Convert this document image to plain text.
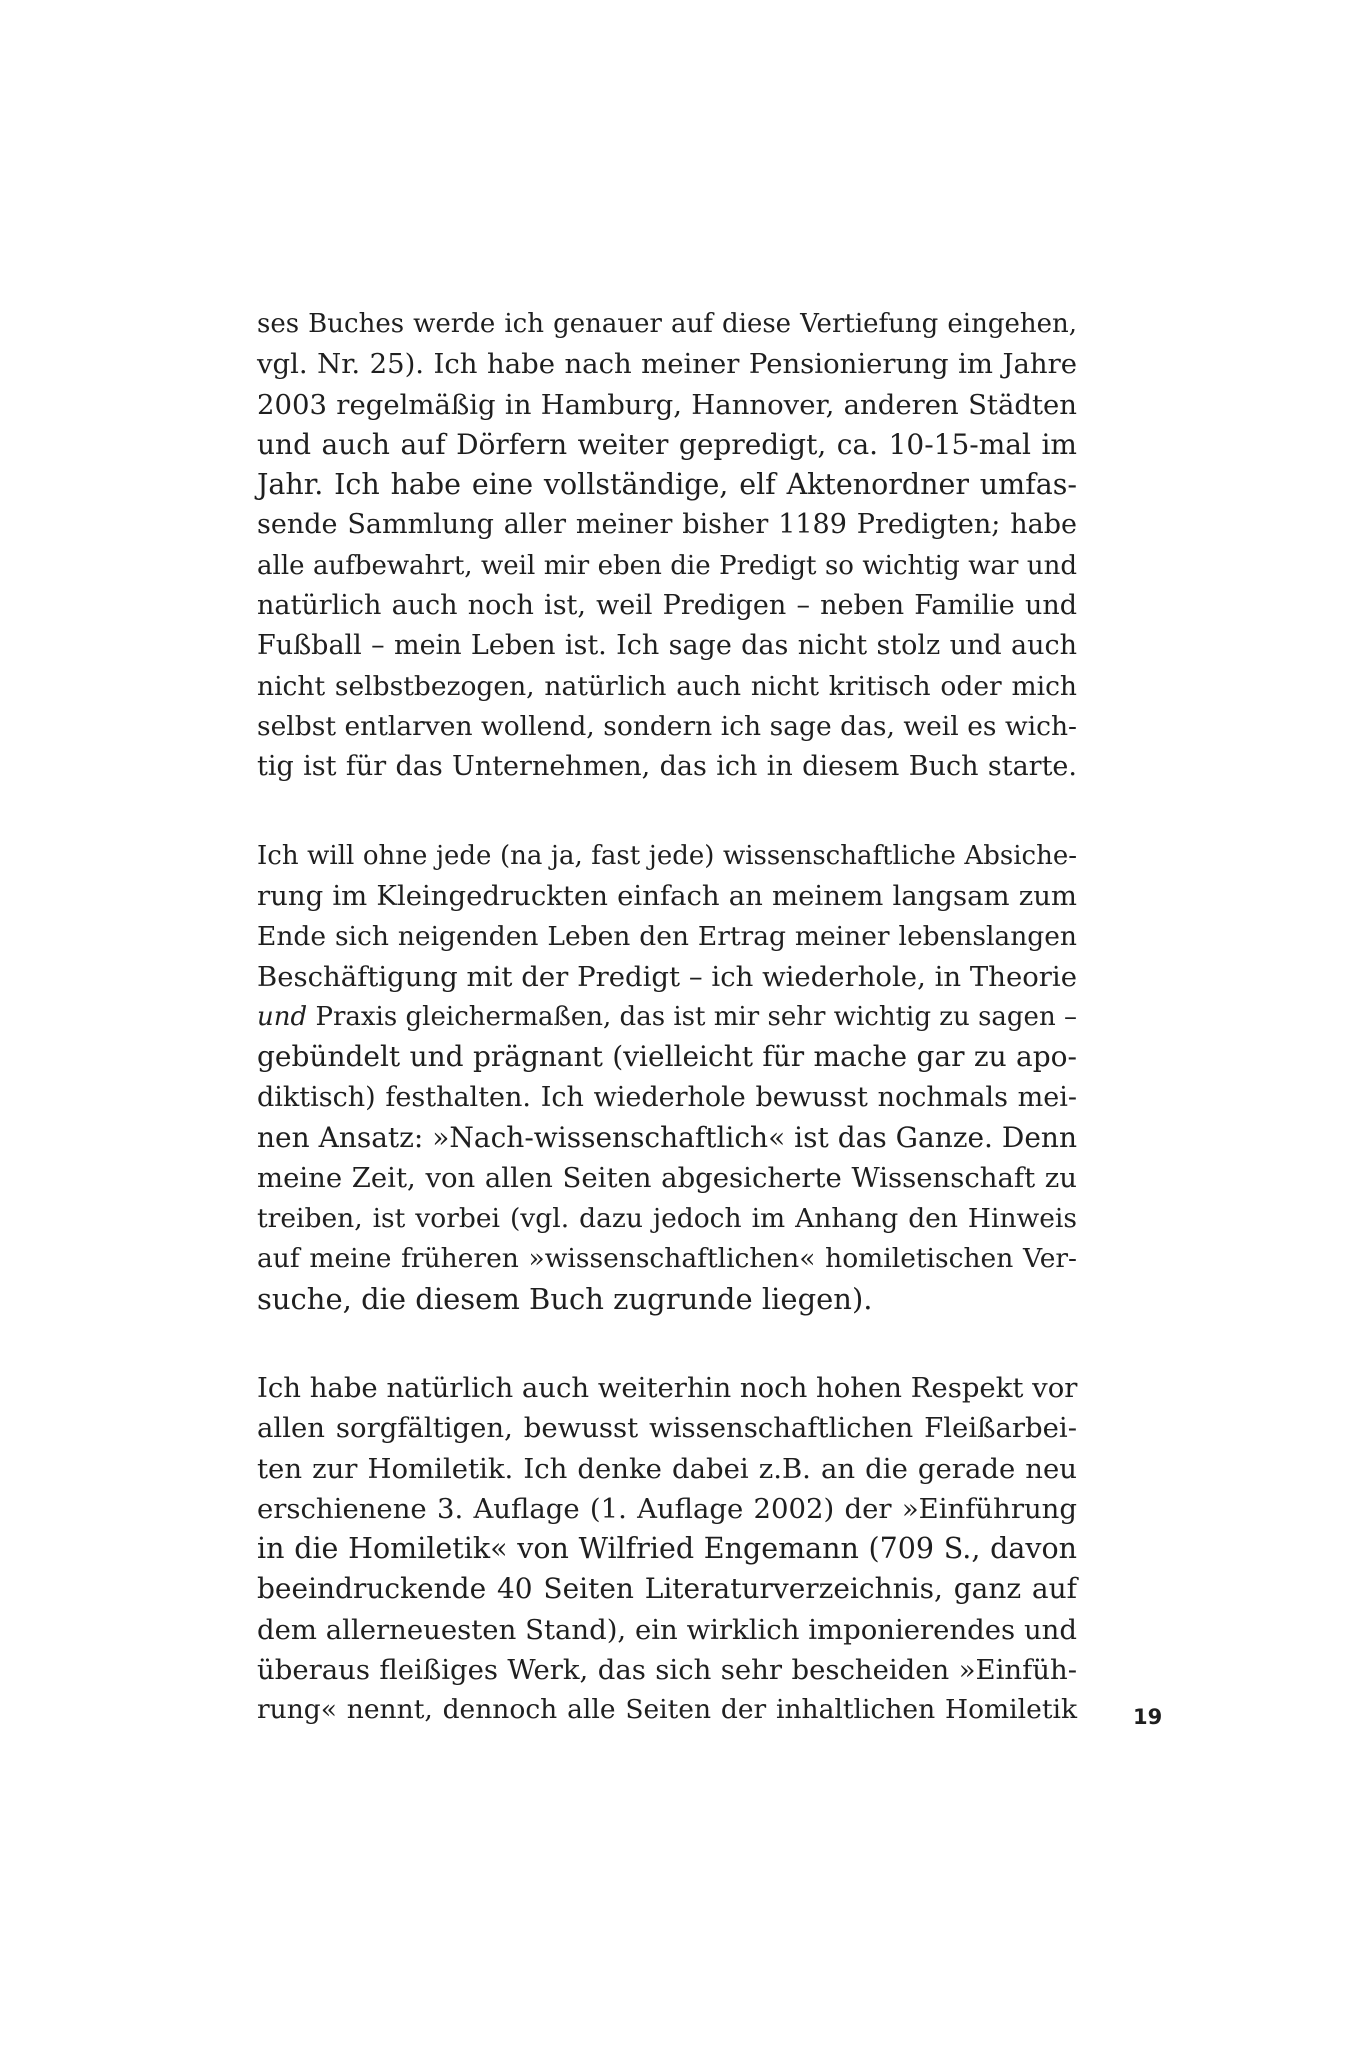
ses Buches werde ich genauer auf diese Vertiefung eingehen,
vgl. Nr. 25). Ich habe nach meiner Pensionierung im Jahre
2003 regelmäßig in Hamburg, Hannover, anderen Städten
und auch auf Dörfern weiter gepredigt, ca. 10-15-mal im
Jahr. Ich habe eine vollständige, elf Aktenordner umfas-
sende Sammlung aller meiner bisher 1189 Predigten; habe
alle aufbewahrt, weil mir eben die Predigt so wichtig war und
natürlich auch noch ist, weil Predigen – neben Familie und
Fußball – mein Leben ist. Ich sage das nicht stolz und auch
nicht selbstbezogen, natürlich auch nicht kritisch oder mich
selbst entlarven wollend, sondern ich sage das, weil es wich-
tig ist für das Unternehmen, das ich in diesem Buch starte.
Ich will ohne jede (na ja, fast jede) wissenschaftliche Absiche-
rung im Kleingedruckten einfach an meinem langsam zum
Ende sich neigenden Leben den Ertrag meiner lebenslangen
Beschäftigung mit der Predigt – ich wiederhole, in Theorie
und Praxis gleichermaßen, das ist mir sehr wichtig zu sagen –
gebündelt und prägnant (vielleicht für mache gar zu apo-
diktisch) festhalten. Ich wiederhole bewusst nochmals mei-
nen Ansatz: »Nach-wissenschaftlich« ist das Ganze. Denn
meine Zeit, von allen Seiten abgesicherte Wissenschaft zu
treiben, ist vorbei (vgl. dazu jedoch im Anhang den Hinweis
auf meine früheren »wissenschaftlichen« homiletischen Ver-
suche, die diesem Buch zugrunde liegen).
Ich habe natürlich auch weiterhin noch hohen Respekt vor
allen sorgfältigen, bewusst wissenschaftlichen Fleißarbei-
ten zur Homiletik. Ich denke dabei z.B. an die gerade neu
erschienene 3. Auflage (1. Auflage 2002) der »Einführung
in die Homiletik« von Wilfried Engemann (709 S., davon
beeindruckende 40 Seiten Literaturverzeichnis, ganz auf
dem allerneuesten Stand), ein wirklich imponierendes und
überaus fleißiges Werk, das sich sehr bescheiden »Einfüh-
rung« nennt, dennoch alle Seiten der inhaltlichen Homiletik	19
